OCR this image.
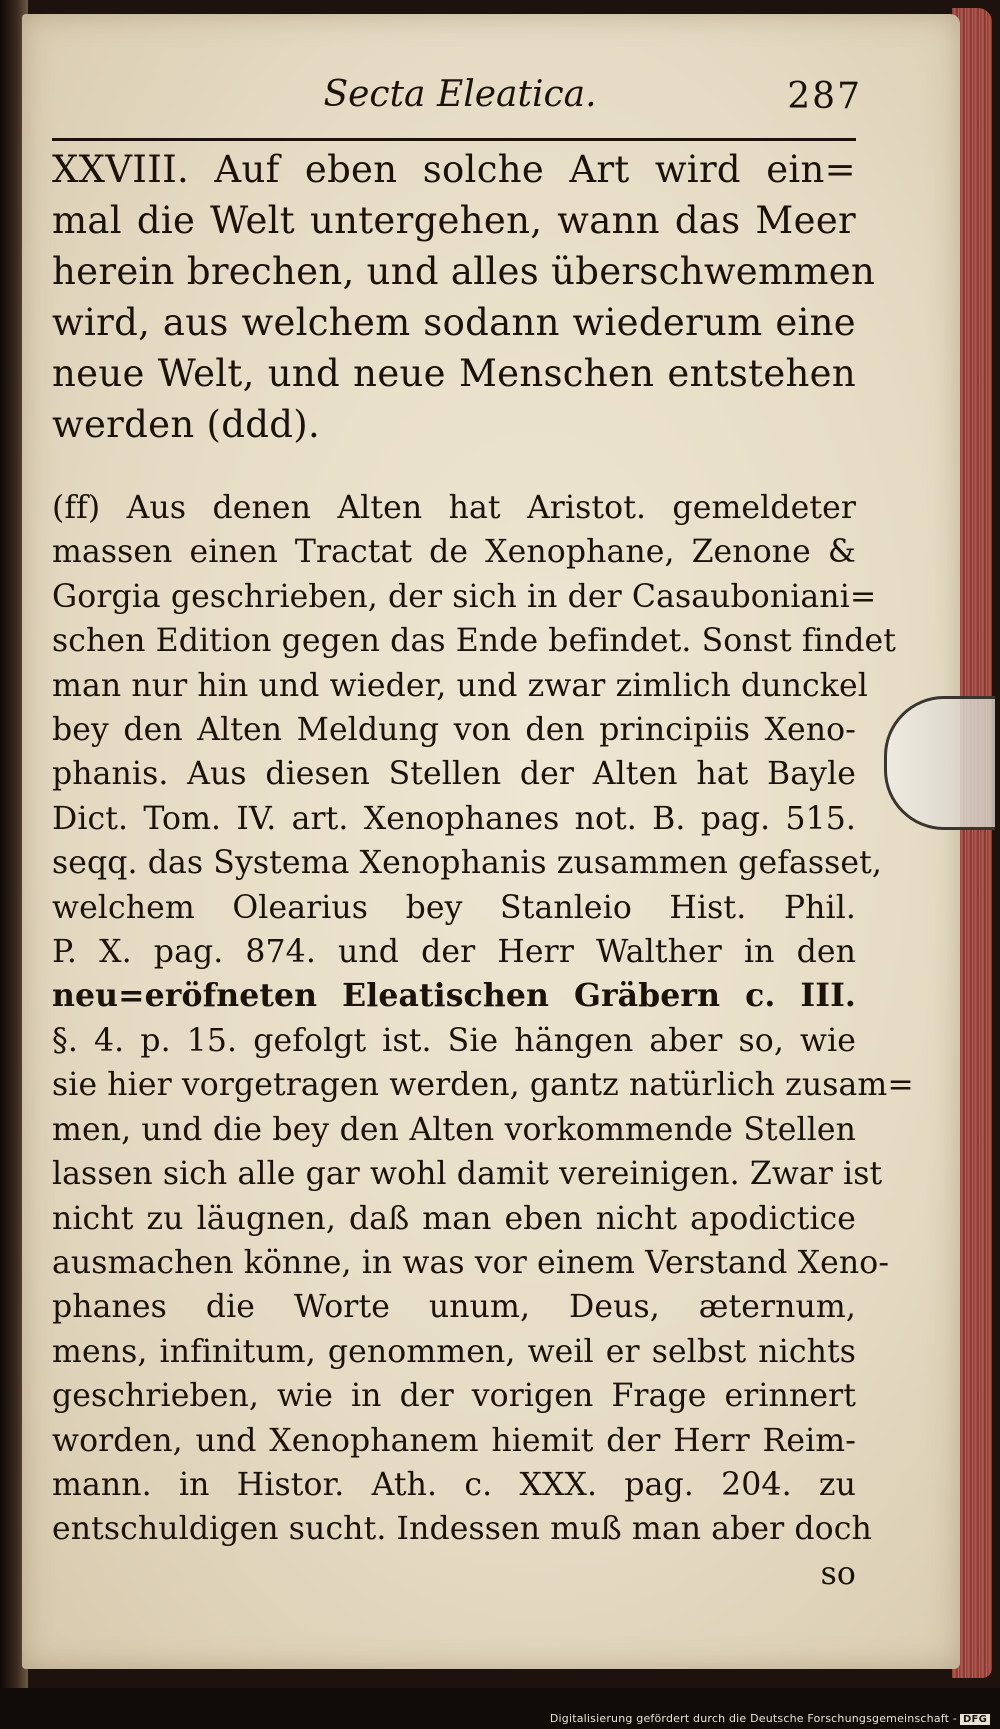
Secta Eleatica.	287

XXVIII. Auf eben solche Art wird ein=

mal die Welt untergehen, wann das Meer

herein brechen, und alles überschwemmen

wird, aus welchem sodann wiederum eine

neue Welt, und neue Menschen entstehen

werden (ddd).

(ff) Aus denen Alten hat Aristot. gemeldeter

massen einen Tractat de Xenophane, Zenone &

Gorgia geschrieben, der sich in der Casauboniani=

schen Edition gegen das Ende befindet. Sonst findet

man nur hin und wieder, und zwar zimlich dunckel

bey den Alten Meldung von den principiis Xeno-

phanis. Aus diesen Stellen der Alten hat Bayle

Dict. Tom. IV. art. Xenophanes not. B. pag. 515.

seqq. das Systema Xenophanis zusammen gefasset,

welchem Olearius bey Stanleio Hist. Phil.

P. X. pag. 874. und der Herr Walther in den

neu=eröfneten Eleatischen Gräbern c. III.

§. 4. p. 15. gefolgt ist. Sie hängen aber so, wie

sie hier vorgetragen werden, gantz natürlich zusam=

men, und die bey den Alten vorkommende Stellen

lassen sich alle gar wohl damit vereinigen. Zwar ist

nicht zu läugnen, daß man eben nicht apodictice

ausmachen könne, in was vor einem Verstand Xeno-

phanes die Worte unum, Deus, æternum,

mens, infinitum, genommen, weil er selbst nichts

geschrieben, wie in der vorigen Frage erinnert

worden, und Xenophanem hiemit der Herr Reim-

mann. in Histor. Ath. c. XXX. pag. 204. zu

entschuldigen sucht. Indessen muß man aber doch

so

Digitalisierung gefördert durch die Deutsche Forschungsgemeinschaft - DFG
